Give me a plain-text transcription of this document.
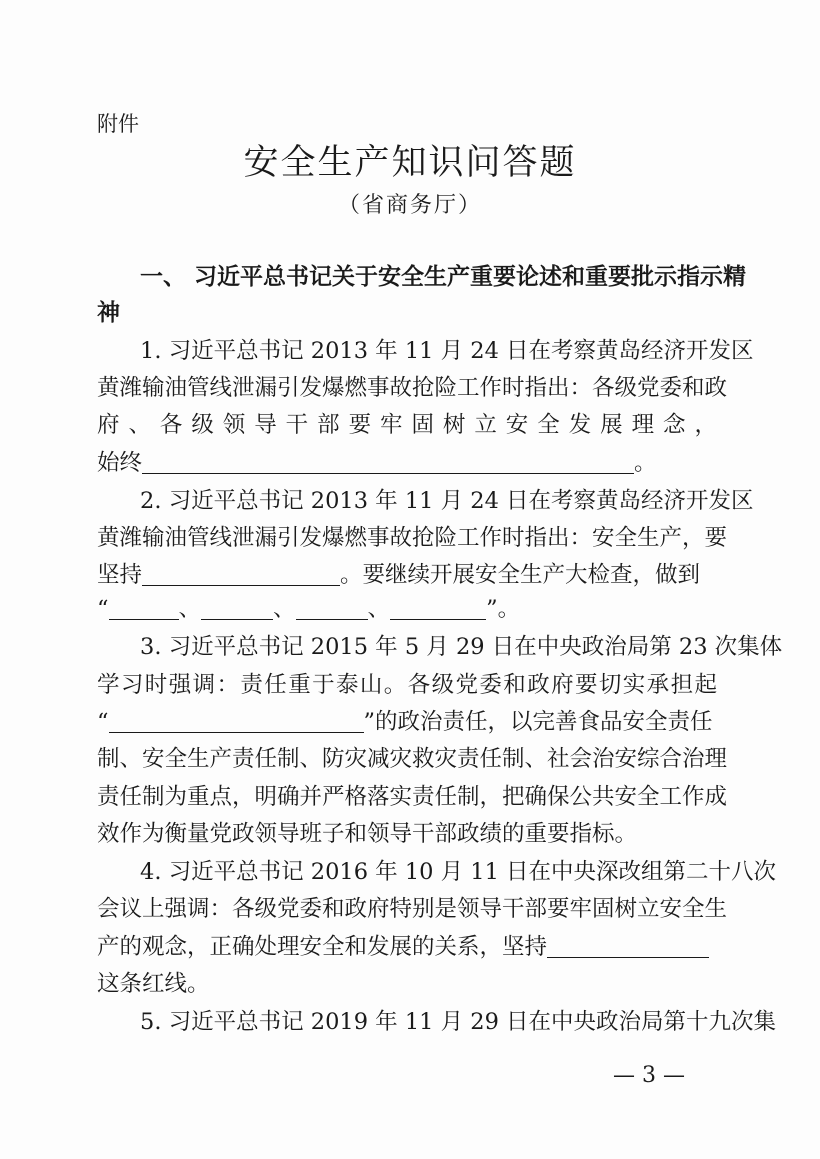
附件
安全生产知识问答题
（省商务厅）
一、 习近平总书记关于安全生产重要论述和重要批示指示精
神
1. 习近平总书记 2013 年 11 月 24 日在考察黄岛经济开发区
黄潍输油管线泄漏引发爆燃事故抢险工作时指出：各级党委和政
府、各级领导干部要牢固树立安全发展理念，
始终	。
2. 习近平总书记 2013 年 11 月 24 日在考察黄岛经济开发区
黄潍输油管线泄漏引发爆燃事故抢险工作时指出：安全生产，要
坚持	。要继续开展安全生产大检查，做到
“	、	、	、	”。
3. 习近平总书记 2015 年 5 月 29 日在中央政治局第 23 次集体
学习时强调：责任重于泰山。各级党委和政府要切实承担起
“	”的政治责任，以完善食品安全责任
制、安全生产责任制、防灾减灾救灾责任制、社会治安综合治理
责任制为重点，明确并严格落实责任制，把确保公共安全工作成
效作为衡量党政领导班子和领导干部政绩的重要指标。
4. 习近平总书记 2016 年 10 月 11 日在中央深改组第二十八次
会议上强调：各级党委和政府特别是领导干部要牢固树立安全生
产的观念，正确处理安全和发展的关系，坚持
这条红线。
5. 习近平总书记 2019 年 11 月 29 日在中央政治局第十九次集
— 3 —
